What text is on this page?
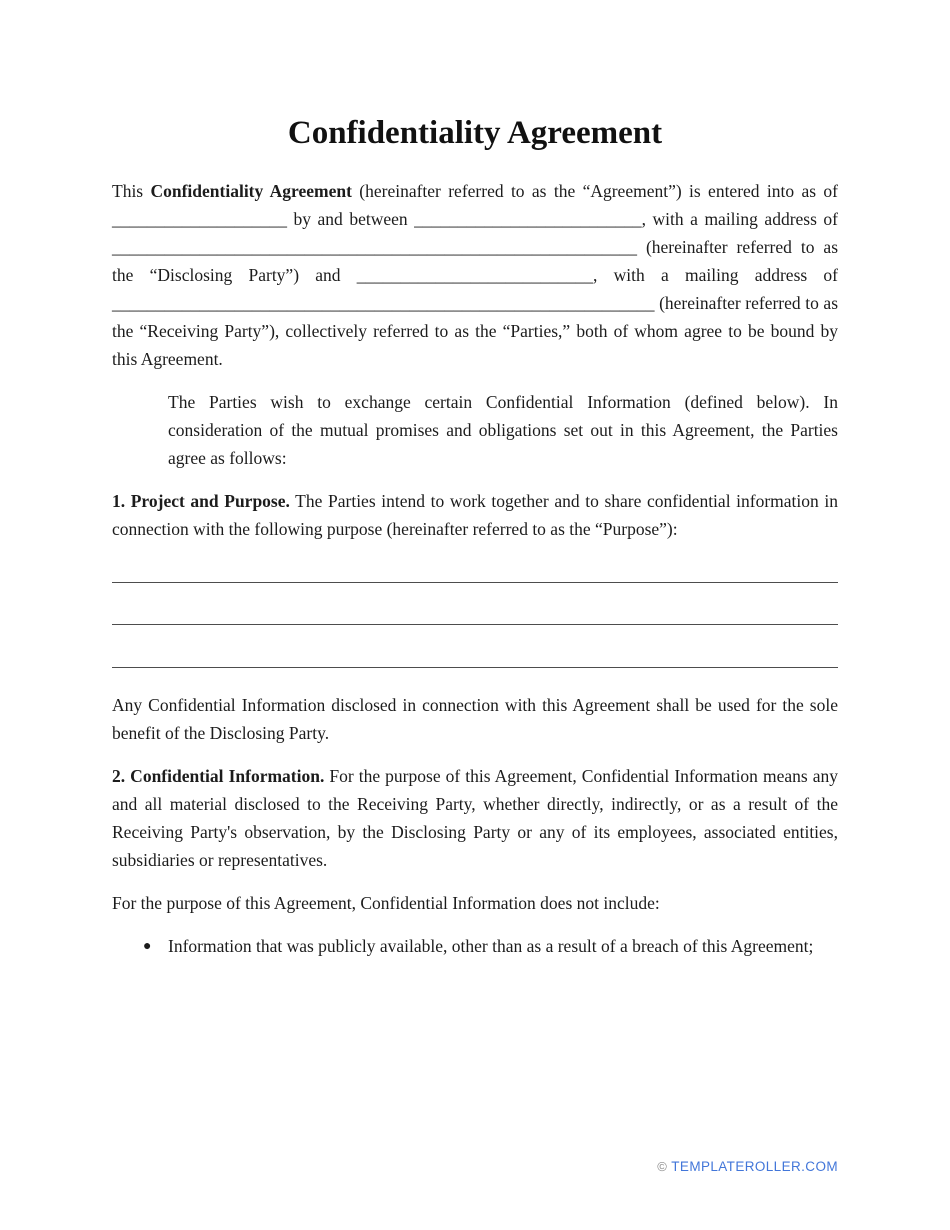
Confidentiality Agreement

This Confidentiality Agreement (hereinafter referred to as the “Agreement”) is entered into as of ____________________ by and between __________________________, with a mailing address of ____________________________________________________________ (hereinafter referred to as the “Disclosing Party”) and ___________________________, with a mailing address of ______________________________________________________________ (hereinafter referred to as the “Receiving Party”), collectively referred to as the “Parties,” both of whom agree to be bound by this Agreement.

The Parties wish to exchange certain Confidential Information (defined below). In consideration of the mutual promises and obligations set out in this Agreement, the Parties agree as follows:

1. Project and Purpose. The Parties intend to work together and to share confidential information in connection with the following purpose (hereinafter referred to as the “Purpose”):

Any Confidential Information disclosed in connection with this Agreement shall be used for the sole benefit of the Disclosing Party.

2. Confidential Information. For the purpose of this Agreement, Confidential Information means any and all material disclosed to the Receiving Party, whether directly, indirectly, or as a result of the Receiving Party's observation, by the Disclosing Party or any of its employees, associated entities, subsidiaries or representatives.

For the purpose of this Agreement, Confidential Information does not include:

● Information that was publicly available, other than as a result of a breach of this Agreement;
© TEMPLATEROLLER.COM
